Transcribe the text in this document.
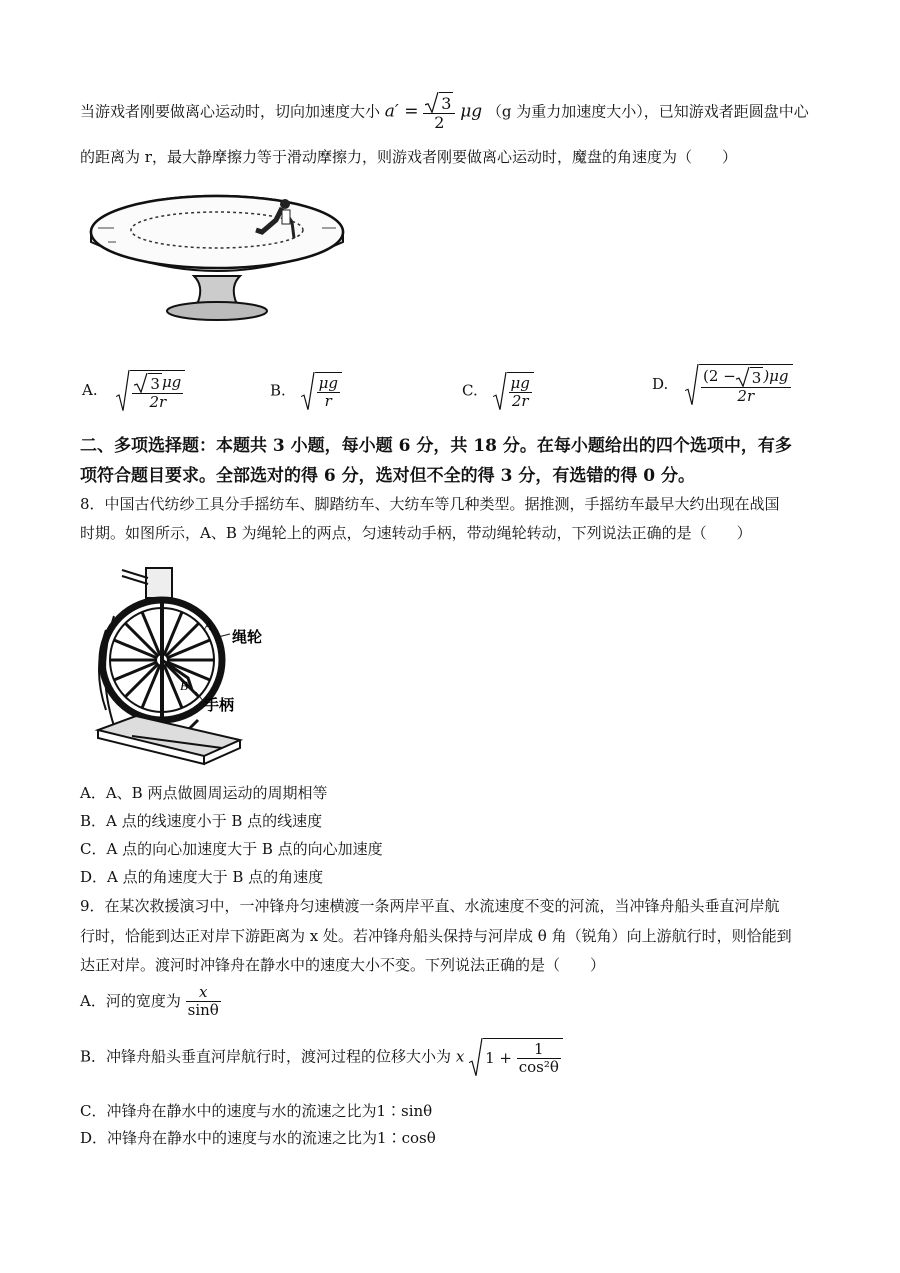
当游戏者刚要做离心运动时，切向加速度大小 $a' = \frac{3}{2}$ μg （g 为重力加速度大小），已知游戏者距圆盘中心
的距离为 r，最大静摩擦力等于滑动摩擦力，则游戏者刚要做离心运动时，魔盘的角速度为（　　）
A. $\frac{3 \mu g}{2r}$	B. $\frac{\mu g}{r}$	C. $\frac{\mu g}{2r}$	D. $\frac{(2 - 3 )\mu g}{2r}$
二、多项选择题：本题共 3 小题，每小题 6 分，共 18 分。在每小题给出的四个选项中，有多
项符合题目要求。全部选对的得 6 分，选对但不全的得 3 分，有选错的得 0 分。
8．中国古代纺纱工具分手摇纺车、脚踏纺车、大纺车等几种类型。据推测，手摇纺车最早大约出现在战国
时期。如图所示，A、B 为绳轮上的两点，匀速转动手柄，带动绳轮转动，下列说法正确的是（　　）
A
B
绳轮
手柄
A．A、B 两点做圆周运动的周期相等
B．A 点的线速度小于 B 点的线速度
C．A 点的向心加速度大于 B 点的向心加速度
D．A 点的角速度大于 B 点的角速度
9．在某次救援演习中，一冲锋舟匀速横渡一条两岸平直、水流速度不变的河流，当冲锋舟船头垂直河岸航
行时，恰能到达正对岸下游距离为 x 处。若冲锋舟船头保持与河岸成 θ 角（锐角）向上游航行时，则恰能到
达正对岸。渡河时冲锋舟在静水中的速度大小不变。下列说法正确的是（　　）
A．河的宽度为 $\frac{x}{\sin\theta}$
B．冲锋舟船头垂直河岸航行时，渡河过程的位移大小为 x $1 + \frac{1}{\text{cos²θ}}$
C．冲锋舟在静水中的速度与水的流速之比为1∶sinθ
D．冲锋舟在静水中的速度与水的流速之比为1∶cosθ
